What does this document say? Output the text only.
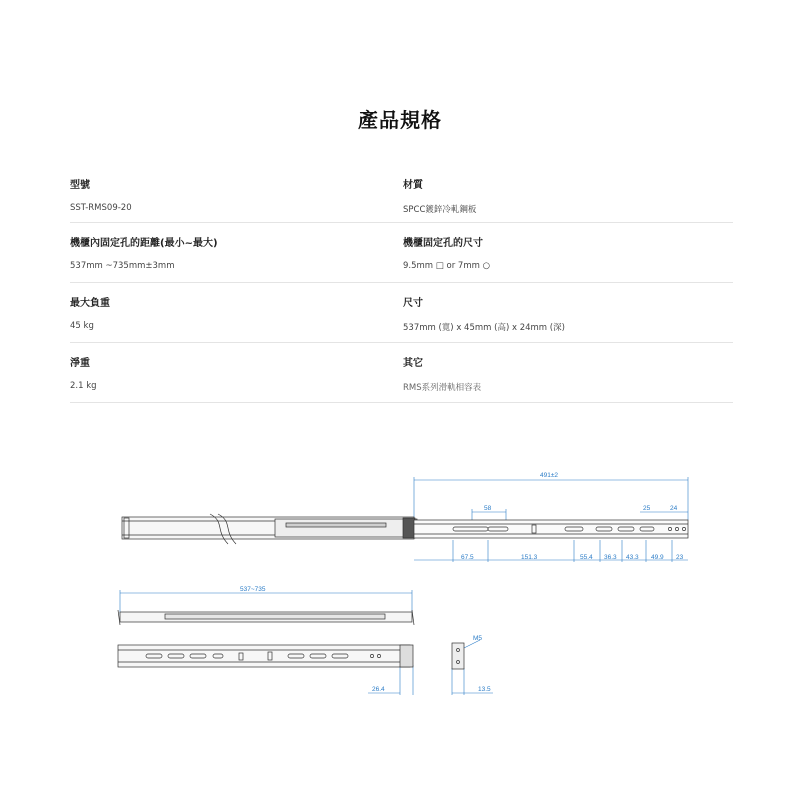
產品規格
型號
SST-RMS09-20
材質
SPCC鍍鋅冷軋鋼板
機櫃內固定孔的距離(最小~最大)
537mm ~735mm±3mm
機櫃固定孔的尺寸
9.5mm □ or 7mm ○
最大負重
45 kg
尺寸
537mm (寬) x 45mm (高) x 24mm (深)
淨重
2.1 kg
其它
RMS系列滑軌相容表
491±2
58	25	24
67.5	151.3	55.4 36.3 43.3 49.9 23
537~735
26.4	13.5
M5
